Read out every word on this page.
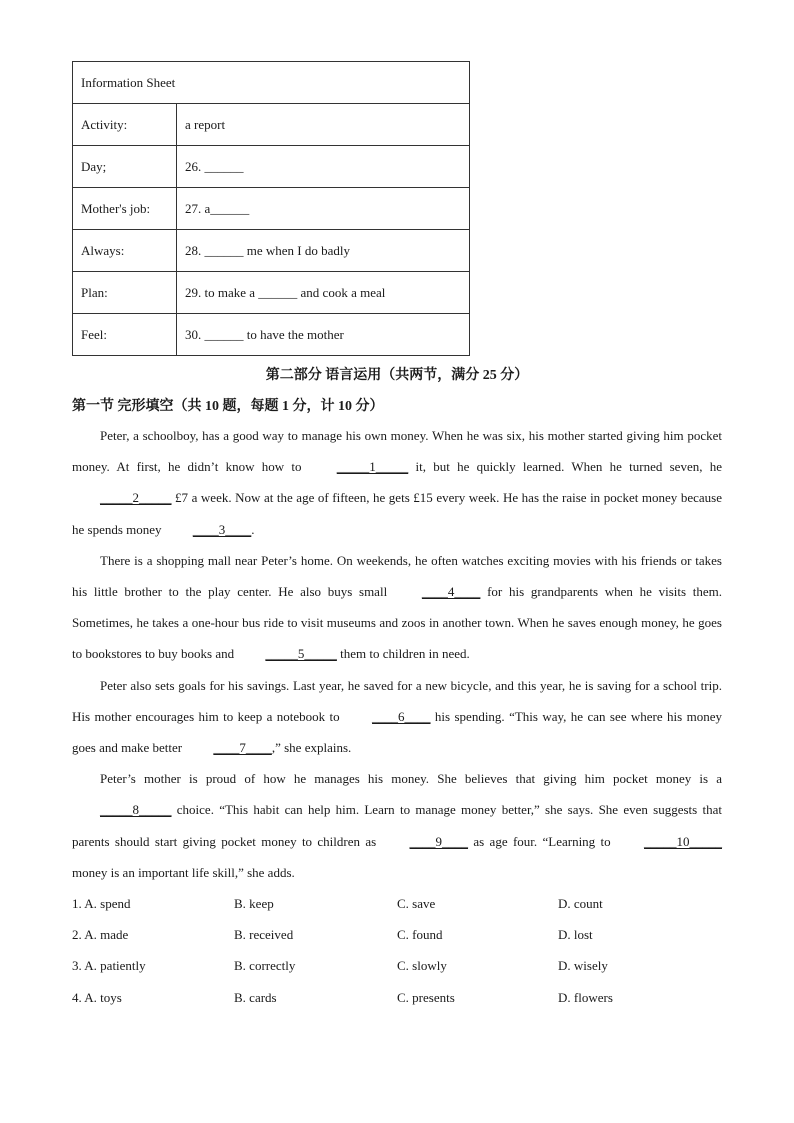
Information Sheet	
Activity:	a report
Day;	26. ______
Mother's job:	27. a______
Always:	28. ______ me when I do badly
Plan:	29. to make a ______ and cook a meal
Feel:	30. ______ to have the mother
第二部分 语言运用（共两节，满分 25 分）
第一节 完形填空（共 10 题，每题 1 分，计 10 分）

Peter, a schoolboy, has a good way to manage his own money. When he was six, his mother started giving him pocket money. At first, he didn’t know how to _____1_____ it, but he quickly learned. When he turned seven, he _____2_____ £7 a week. Now at the age of fifteen, he gets £15 every week. He has the raise in pocket money because he spends money ____3____.

There is a shopping mall near Peter’s home. On weekends, he often watches exciting movies with his friends or takes his little brother to the play center. He also buys small ____4____ for his grandparents when he visits them. Sometimes, he takes a one-hour bus ride to visit museums and zoos in another town. When he saves enough money, he goes to bookstores to buy books and _____5_____ them to children in need.

Peter also sets goals for his savings. Last year, he saved for a new bicycle, and this year, he is saving for a school trip. His mother encourages him to keep a notebook to ____6____ his spending. “This way, he can see where his money goes and make better ____7____,” she explains.

Peter’s mother is proud of how he manages his money. She believes that giving him pocket money is a _____8_____ choice. “This habit can help him. Learn to manage money better,” she says. She even suggests that parents should start giving pocket money to children as ____9____ as age four. “Learning to _____10_____ money is an important life skill,” she adds.

1. A. spend	B. keep	C. save	D. count
2. A. made	B. received	C. found	D. lost
3. A. patiently	B. correctly	C. slowly	D. wisely
4. A. toys	B. cards	C. presents	D. flowers
